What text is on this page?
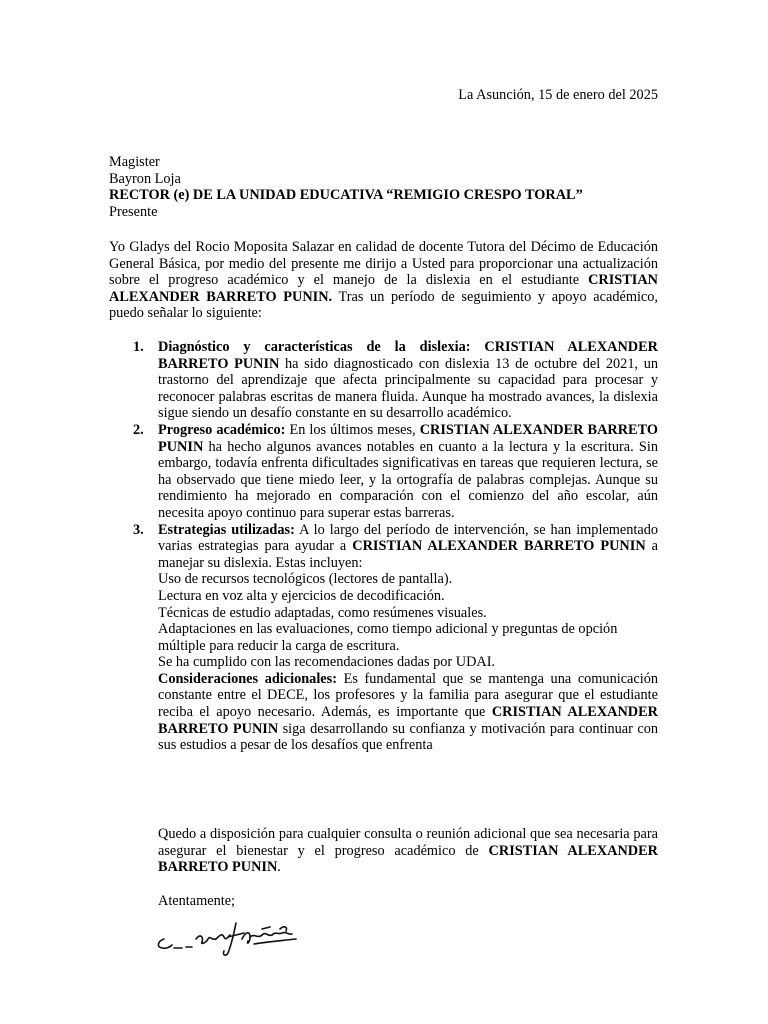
La Asunción, 15 de enero del 2025
Magister
Bayron Loja
RECTOR (e) DE LA UNIDAD EDUCATIVA “REMIGIO CRESPO TORAL”
Presente

Yo Gladys del Rocio Moposita Salazar en calidad de docente Tutora del Décimo de Educación General Básica, por medio del presente me dirijo a Usted para proporcionar una actualización sobre el progreso académico y el manejo de la dislexia en el estudiante CRISTIAN ALEXANDER BARRETO PUNIN. Tras un período de seguimiento y apoyo académico, puedo señalar lo siguiente:

1. Diagnóstico y características de la dislexia: CRISTIAN ALEXANDER BARRETO PUNIN ha sido diagnosticado con dislexia 13 de octubre del 2021, un trastorno del aprendizaje que afecta principalmente su capacidad para procesar y reconocer palabras escritas de manera fluida. Aunque ha mostrado avances, la dislexia sigue siendo un desafío constante en su desarrollo académico.
2. Progreso académico: En los últimos meses, CRISTIAN ALEXANDER BARRETO PUNIN ha hecho algunos avances notables en cuanto a la lectura y la escritura. Sin embargo, todavía enfrenta dificultades significativas en tareas que requieren lectura, se ha observado que tiene miedo leer, y la ortografía de palabras complejas. Aunque su rendimiento ha mejorado en comparación con el comienzo del año escolar, aún necesita apoyo continuo para superar estas barreras.
3. Estrategias utilizadas: A lo largo del período de intervención, se han implementado varias estrategias para ayudar a CRISTIAN ALEXANDER BARRETO PUNIN a manejar su dislexia. Estas incluyen:
Uso de recursos tecnológicos (lectores de pantalla).
Lectura en voz alta y ejercicios de decodificación.
Técnicas de estudio adaptadas, como resúmenes visuales.
Adaptaciones en las evaluaciones, como tiempo adicional y preguntas de opción múltiple para reducir la carga de escritura.
Se ha cumplido con las recomendaciones dadas por UDAI.
Consideraciones adicionales: Es fundamental que se mantenga una comunicación constante entre el DECE, los profesores y la familia para asegurar que el estudiante reciba el apoyo necesario. Además, es importante que CRISTIAN ALEXANDER BARRETO PUNIN siga desarrollando su confianza y motivación para continuar con sus estudios a pesar de los desafíos que enfrenta

Quedo a disposición para cualquier consulta o reunión adicional que sea necesaria para asegurar el bienestar y el progreso académico de CRISTIAN ALEXANDER BARRETO PUNIN.

Atentamente;
